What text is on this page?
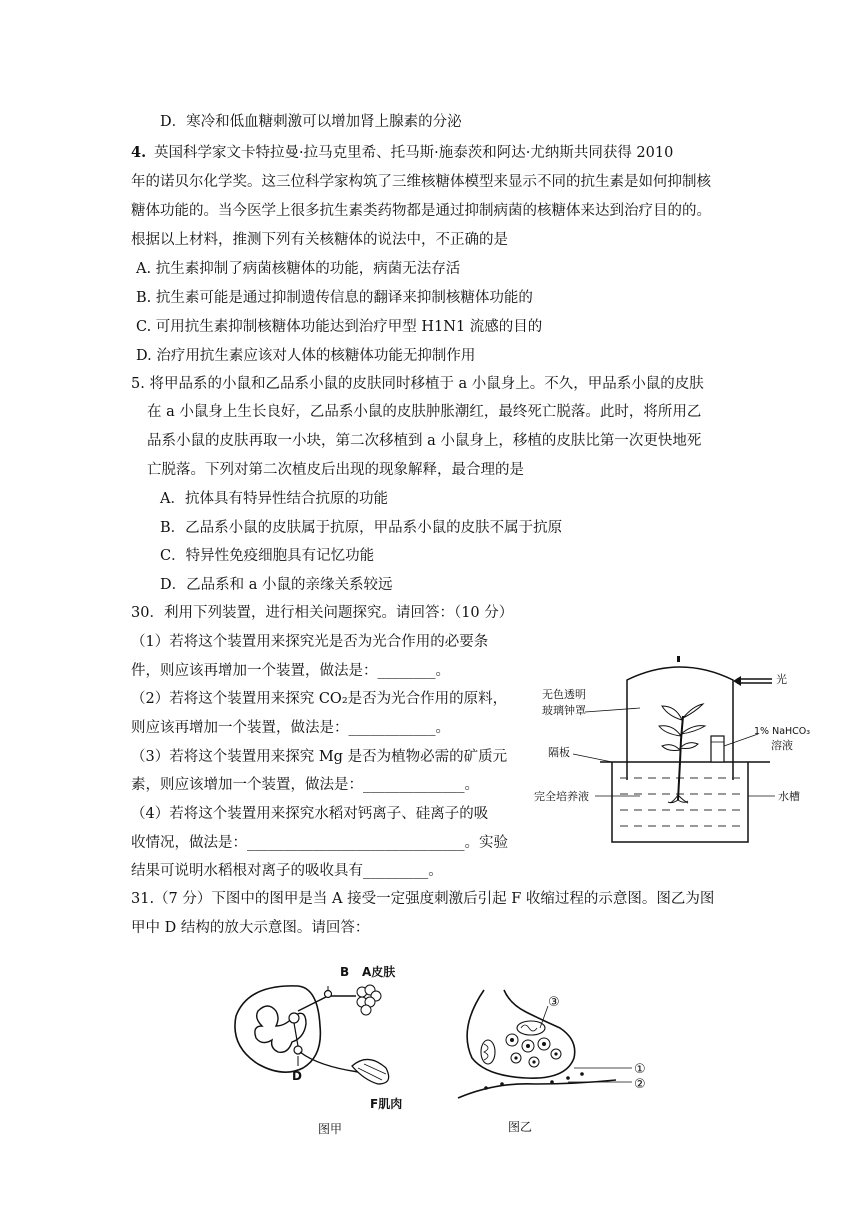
D．寒冷和低血糖刺激可以增加肾上腺素的分泌
4. 英国科学家文卡特拉曼·拉马克里希、托马斯·施泰茨和阿达·尤纳斯共同获得 2010
年的诺贝尔化学奖。这三位科学家构筑了三维核糖体模型来显示不同的抗生素是如何抑制核
糖体功能的。当今医学上很多抗生素类药物都是通过抑制病菌的核糖体来达到治疗目的的。
根据以上材料，推测下列有关核糖体的说法中，不正确的是
A. 抗生素抑制了病菌核糖体的功能，病菌无法存活
B. 抗生素可能是通过抑制遗传信息的翻译来抑制核糖体功能的
C. 可用抗生素抑制核糖体功能达到治疗甲型 H1N1 流感的目的
D. 治疗用抗生素应该对人体的核糖体功能无抑制作用
5. 将甲品系的小鼠和乙品系小鼠的皮肤同时移植于 a 小鼠身上。不久，甲品系小鼠的皮肤
在 a 小鼠身上生长良好，乙品系小鼠的皮肤肿胀潮红，最终死亡脱落。此时，将所用乙
品系小鼠的皮肤再取一小块，第二次移植到 a 小鼠身上，移植的皮肤比第一次更快地死
亡脱落。下列对第二次植皮后出现的现象解释，最合理的是
A．抗体具有特异性结合抗原的功能
B．乙品系小鼠的皮肤属于抗原，甲品系小鼠的皮肤不属于抗原
C．特异性免疫细胞具有记忆功能
D．乙品系和 a 小鼠的亲缘关系较远
30．利用下列装置，进行相关问题探究。请回答：（10 分）
（1）若将这个装置用来探究光是否为光合作用的必要条
件，则应该再增加一个装置，做法是：________。
（2）若将这个装置用来探究 CO₂是否为光合作用的原料，
则应该再增加一个装置，做法是：____________。
（3）若将这个装置用来探究 Mg 是否为植物必需的矿质元
素，则应该增加一个装置，做法是：______________。
（4）若将这个装置用来探究水稻对钙离子、硅离子的吸
收情况，做法是：______________________________。实验
结果可说明水稻根对离子的吸收具有_________。
光
无色透明
玻璃钟罩
1% NaHCO₃
溶液
隔板
完全培养液	水槽
31.（7 分）下图中的图甲是当 A 接受一定强度刺激后引起 F 收缩过程的示意图。图乙为图
甲中 D 结构的放大示意图。请回答：
B A皮肤
D
F肌肉
图甲
③
①
②
图乙
